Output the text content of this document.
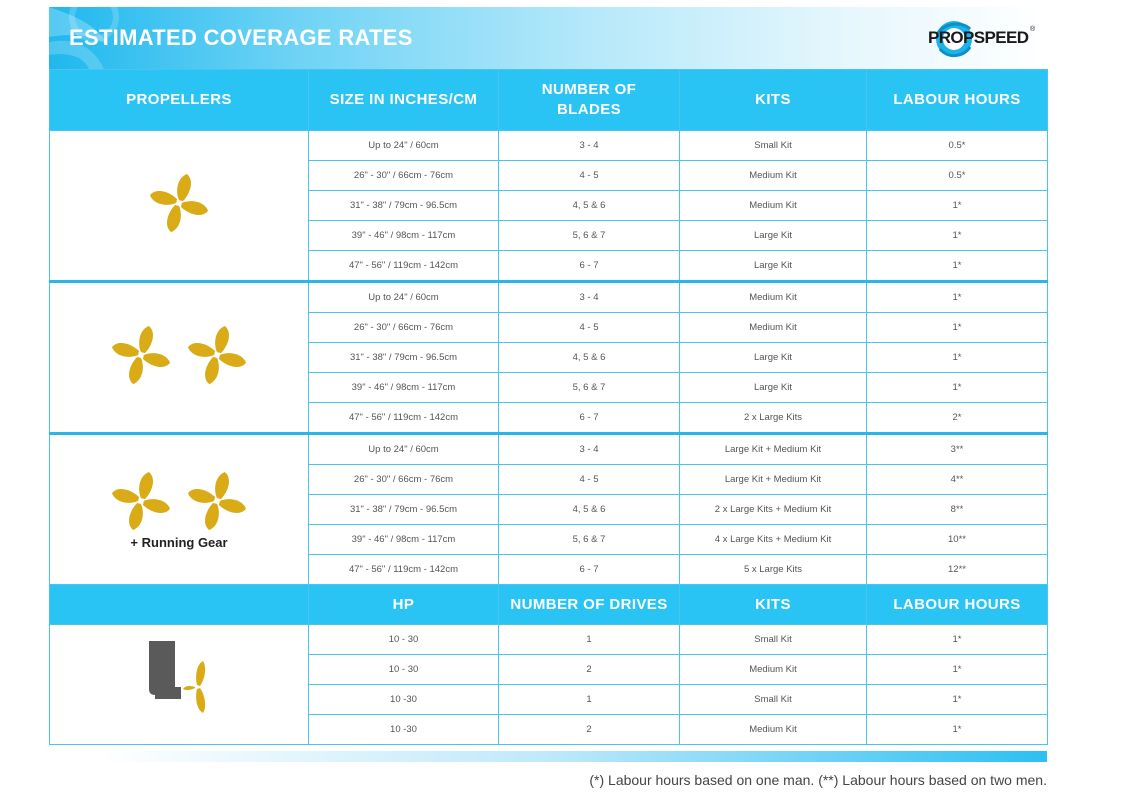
ESTIMATED COVERAGE RATES	PROPSPEED ®
PROPELLERS	SIZE IN INCHES/CM	NUMBER OF BLADES	KITS	LABOUR HOURS
	Up to 24" / 60cm	3 - 4	Small Kit	0.5*
	26" - 30" / 66cm - 76cm	4 - 5	Medium Kit	0.5*
	31" - 38" / 79cm - 96.5cm	4, 5 & 6	Medium Kit	1*
	39" - 46" / 98cm - 117cm	5, 6 & 7	Large Kit	1*
	47" - 56" / 119cm - 142cm	6 - 7	Large Kit	1*
	Up to 24" / 60cm	3 - 4	Medium Kit	1*
	26" - 30" / 66cm - 76cm	4 - 5	Medium Kit	1*
	31" - 38" / 79cm - 96.5cm	4, 5 & 6	Large Kit	1*
	39" - 46" / 98cm - 117cm	5, 6 & 7	Large Kit	1*
	47" - 56" / 119cm - 142cm	6 - 7	2 x Large Kits	2*

+ Running Gear	Up to 24" / 60cm	3 - 4	Large Kit + Medium Kit	3**
	26" - 30" / 66cm - 76cm	4 - 5	Large Kit + Medium Kit	4**
	31" - 38" / 79cm - 96.5cm	4, 5 & 6	2 x Large Kits + Medium Kit	8**
	39" - 46" / 98cm - 117cm	5, 6 & 7	4 x Large Kits + Medium Kit	10**
	47" - 56" / 119cm - 142cm	6 - 7	5 x Large Kits	12**
	HP	NUMBER OF DRIVES	KITS	LABOUR HOURS
	10 - 30	1	Small Kit	1*
	10 - 30	2	Medium Kit	1*
	10 -30	1	Small Kit	1*
	10 -30	2	Medium Kit	1*
(*) Labour hours based on one man. (**) Labour hours based on two men.
